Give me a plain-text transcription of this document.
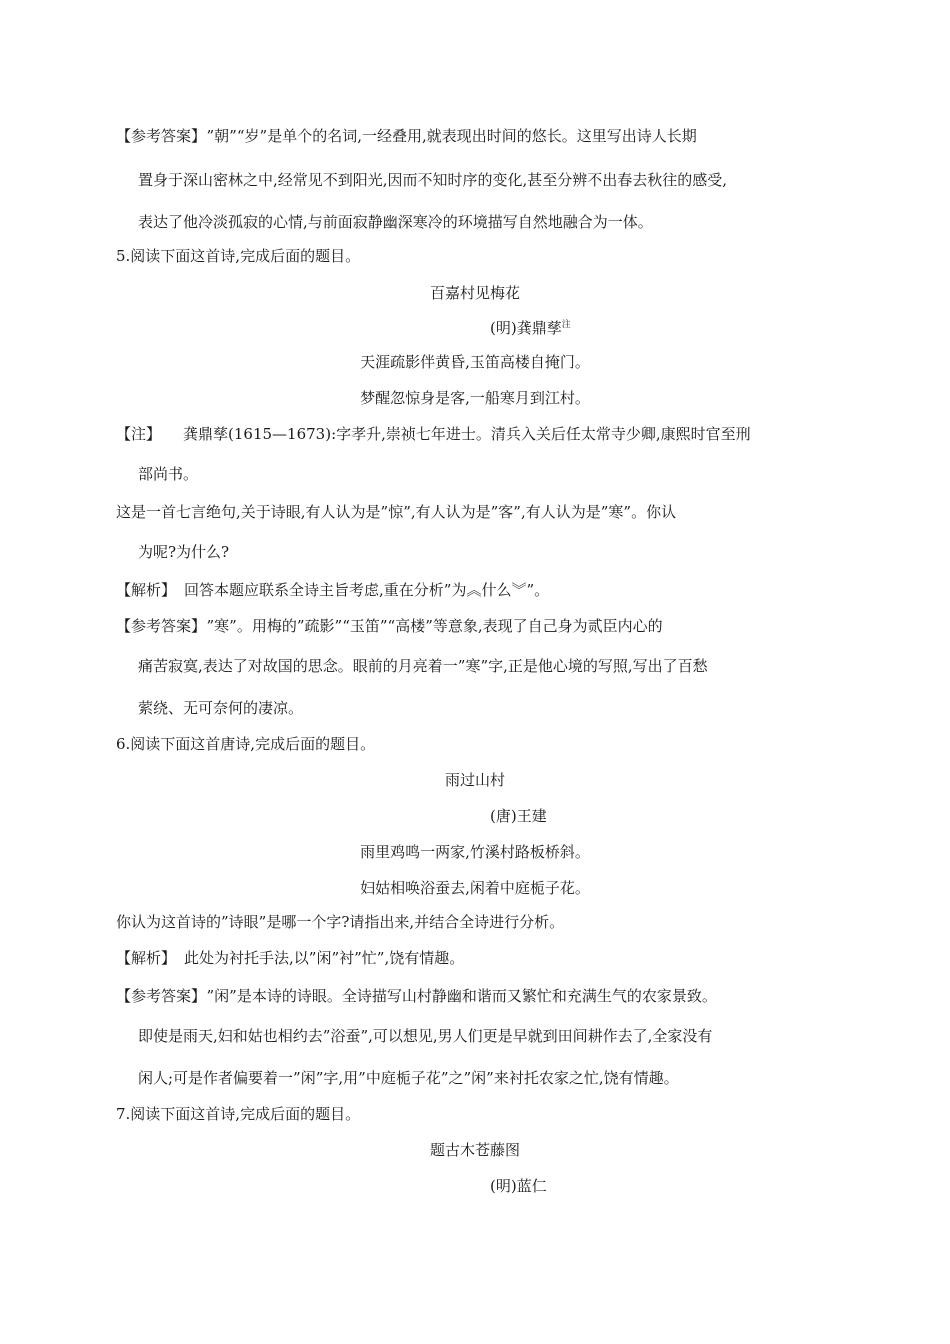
【参考答案】 ”朝”“岁”是单个的名词,一经叠用,就表现出时间的悠长。这里写出诗人长期
置身于深山密林之中,经常见不到阳光,因而不知时序的变化,甚至分辨不出春去秋往的感受,
表达了他冷淡孤寂的心情,与前面寂静幽深寒冷的环境描写自然地融合为一体。
5.阅读下面这首诗,完成后面的题目。
百嘉村见梅花
(明)龚鼎孳$^注$
天涯疏影伴黄昏,玉笛高楼自掩门。
梦醒忽惊身是客,一船寒月到江村。
【注】 龚鼎孳(1615—1673):字孝升,崇祯七年进士。清兵入关后任太常寺少卿,康熙时官至刑
部尚书。
这是一首七言绝句,关于诗眼,有人认为是”惊”,有人认为是”客”,有人认为是”寒”。你认
为呢?为什么?
【解析】 回答本题应联系全诗主旨考虑,重在分析”为︽什么︾”。
【参考答案】 ”寒”。用梅的”疏影”“玉笛”“高楼”等意象,表现了自己身为贰臣内心的
痛苦寂寞,表达了对故国的思念。眼前的月亮着一”寒”字,正是他心境的写照,写出了百愁
萦绕、无可奈何的凄凉。
6.阅读下面这首唐诗,完成后面的题目。
雨过山村
(唐)王建
雨里鸡鸣一两家,竹溪村路板桥斜。
妇姑相唤浴蚕去,闲着中庭栀子花。
你认为这首诗的”诗眼”是哪一个字?请指出来,并结合全诗进行分析。
【解析】 此处为衬托手法,以”闲”衬”忙”,饶有情趣。
【参考答案】 ”闲”是本诗的诗眼。全诗描写山村静幽和谐而又繁忙和充满生气的农家景致。
即使是雨天,妇和姑也相约去”浴蚕”,可以想见,男人们更是早就到田间耕作去了,全家没有
闲人;可是作者偏要着一”闲”字,用”中庭栀子花”之”闲”来衬托农家之忙,饶有情趣。
7.阅读下面这首诗,完成后面的题目。
题古木苍藤图
(明)蓝仁
